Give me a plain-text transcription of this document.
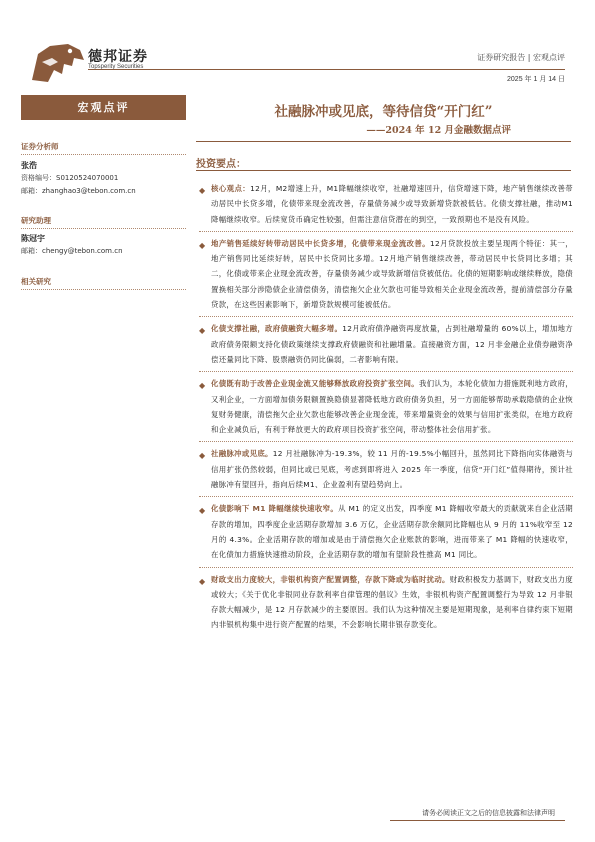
德邦证券
Topsperity Securities
证券研究报告 | 宏观点评
2025 年 1 月 14 日
宏观点评
证券分析师
张浩
资格编号：S0120524070001
邮箱：zhanghao3@tebon.com.cn
研究助理
陈冠宇
邮箱：chengy@tebon.com.cn
相关研究
社融脉冲或见底，等待信贷“开门红”
——2024 年 12 月金融数据点评
投资要点：
◆ 核心观点：12月，M2增速上升，M1降幅继续收窄，社融增速回升，信贷增速下降，地产销售继续改善带动居民中长贷多增，化债带来现金流改善，存量债务减少或导致新增贷款被低估。化债支撑社融，推动M1降幅继续收窄。后续宽货币确定性较强，但需注意信贷潜在的到空，一致预期也不是没有风险。
◆ 地产销售延续好转带动居民中长贷多增，化债带来现金流改善。12月贷款投放主要呈现两个特征：其一，地产销售同比延续好转，居民中长贷同比多增。12月地产销售继续改善，带动居民中长贷同比多增；其二，化债或带来企业现金流改善，存量债务减少或导致新增信贷被低估。化债的短期影响或继续释放，隐债置换相关部分涉隐债企业清偿债务，清偿拖欠企业欠款也可能导致相关企业现金流改善，提前清偿部分存量贷款，在这些因素影响下，新增贷款规模可能被低估。
◆ 化债支撑社融，政府债融资大幅多增。12月政府债净融资再度放量，占到社融增量的 60%以上，增加地方政府债务限额支持化债政策继续支撑政府债融资和社融增量。直接融资方面，12 月非金融企业债券融资净偿还量同比下降、股票融资仍同比偏弱，二者影响有限。
◆ 化债既有助于改善企业现金流又能够释放政府投资扩张空间。我们认为，本轮化债加力措施既利地方政府，又利企业，一方面增加债务限额置换隐债显著降低地方政府债务负担，另一方面能够帮助承载隐债的企业恢复财务健康，清偿拖欠企业欠款也能够改善企业现金流，带来增量资金的效果与信用扩张类似，在地方政府和企业减负后，有利于释放更大的政府项目投资扩张空间，带动整体社会信用扩张。
◆ 社融脉冲或见底。12 月社融脉冲为-19.3%，较 11 月的-19.5%小幅回升，虽然同比下降指向实体融资与信用扩张仍然较弱，但同比或已见底，考虑到即将进入 2025 年一季度，信贷“开门红”值得期待，预计社融脉冲有望回升，指向后续M1、企业盈利有望趋势向上。
◆ 化债影响下 M1 降幅继续快速收窄。从 M1 的定义出发，四季度 M1 降幅收窄最大的贡献就来自企业活期存款的增加，四季度企业活期存款增加 3.6 万亿，企业活期存款余额同比降幅也从 9 月的 11%收窄至 12 月的 4.3%。企业活期存款的增加或是由于清偿拖欠企业账款的影响，进而带来了 M1 降幅的快速收窄，在化债加力措施快速推动阶段，企业活期存款的增加有望阶段性推高 M1 同比。
◆ 财政支出力度较大，非银机构资产配置调整，存款下降或为临时扰动。财政积极发力基调下，财政支出力度或较大；《关于优化非银同业存款利率自律管理的倡议》生效，非银机构资产配置调整行为导致 12 月非银存款大幅减少，是 12 月存款减少的主要原因。我们认为这种情况主要是短期现象，是利率自律约束下短期内非银机构集中进行资产配置的结果，不会影响长期非银存款变化。
请务必阅读正文之后的信息披露和法律声明
